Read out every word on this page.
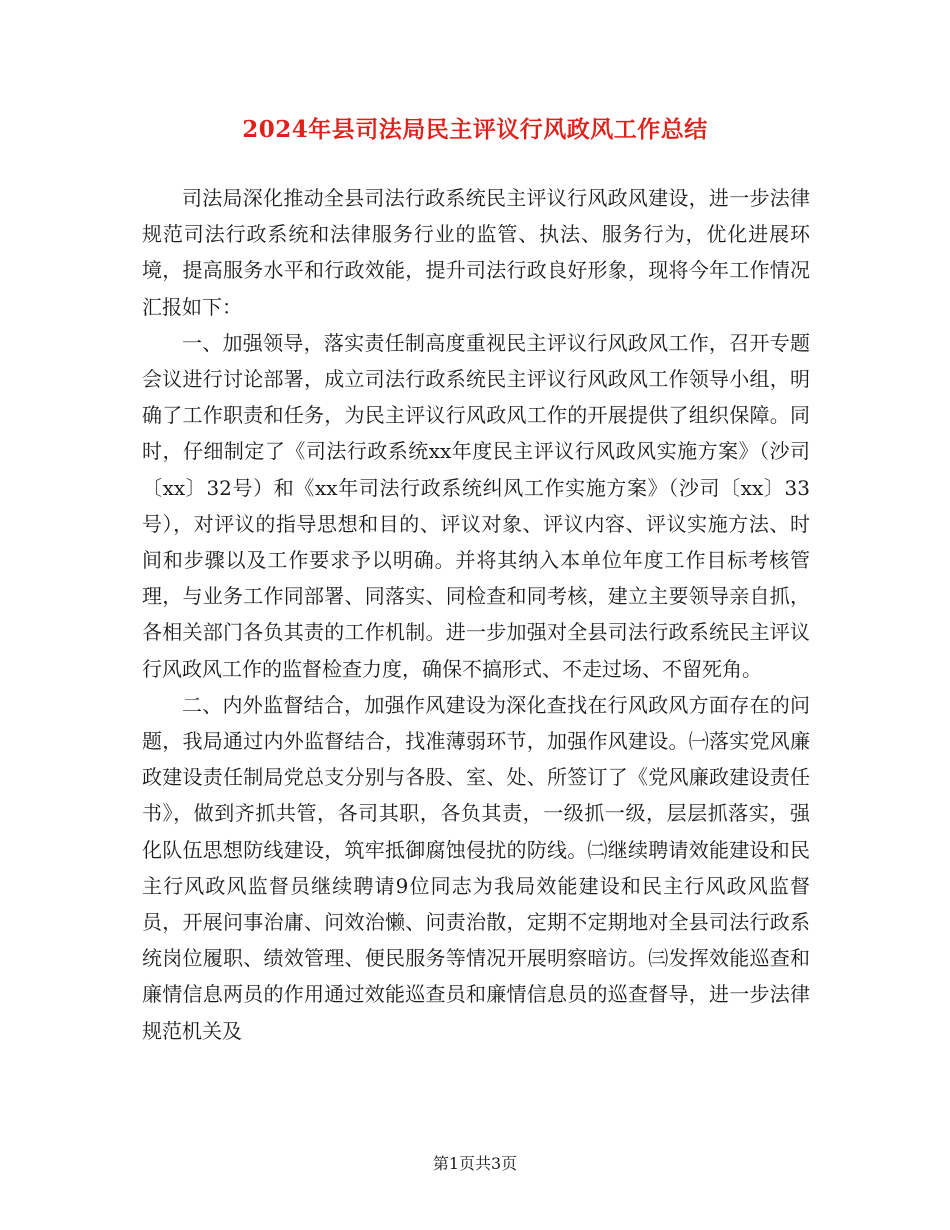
2024年县司法局民主评议行风政风工作总结

司法局深化推动全县司法行政系统民主评议行风政风建设，进一步法律规范司法行政系统和法律服务行业的监管、执法、服务行为，优化进展环境，提高服务水平和行政效能，提升司法行政良好形象，现将今年工作情况汇报如下：

一、加强领导，落实责任制高度重视民主评议行风政风工作，召开专题会议进行讨论部署，成立司法行政系统民主评议行风政风工作领导小组，明确了工作职责和任务，为民主评议行风政风工作的开展提供了组织保障。同时，仔细制定了《司法行政系统xx年度民主评议行风政风实施方案》（沙司〔xx〕32号）和《xx年司法行政系统纠风工作实施方案》（沙司〔xx〕33号），对评议的指导思想和目的、评议对象、评议内容、评议实施方法、时间和步骤以及工作要求予以明确。并将其纳入本单位年度工作目标考核管理，与业务工作同部署、同落实、同检查和同考核，建立主要领导亲自抓，各相关部门各负其责的工作机制。进一步加强对全县司法行政系统民主评议行风政风工作的监督检查力度，确保不搞形式、不走过场、不留死角。

二、内外监督结合，加强作风建设为深化查找在行风政风方面存在的问题，我局通过内外监督结合，找准薄弱环节，加强作风建设。㈠落实党风廉政建设责任制局党总支分别与各股、室、处、所签订了《党风廉政建设责任书》，做到齐抓共管，各司其职，各负其责，一级抓一级，层层抓落实，强化队伍思想防线建设，筑牢抵御腐蚀侵扰的防线。㈡继续聘请效能建设和民主行风政风监督员继续聘请9位同志为我局效能建设和民主行风政风监督员，开展问事治庸、问效治懒、问责治散，定期不定期地对全县司法行政系统岗位履职、绩效管理、便民服务等情况开展明察暗访。㈢发挥效能巡查和廉情信息两员的作用通过效能巡查员和廉情信息员的巡查督导，进一步法律规范机关及

第1页共3页
